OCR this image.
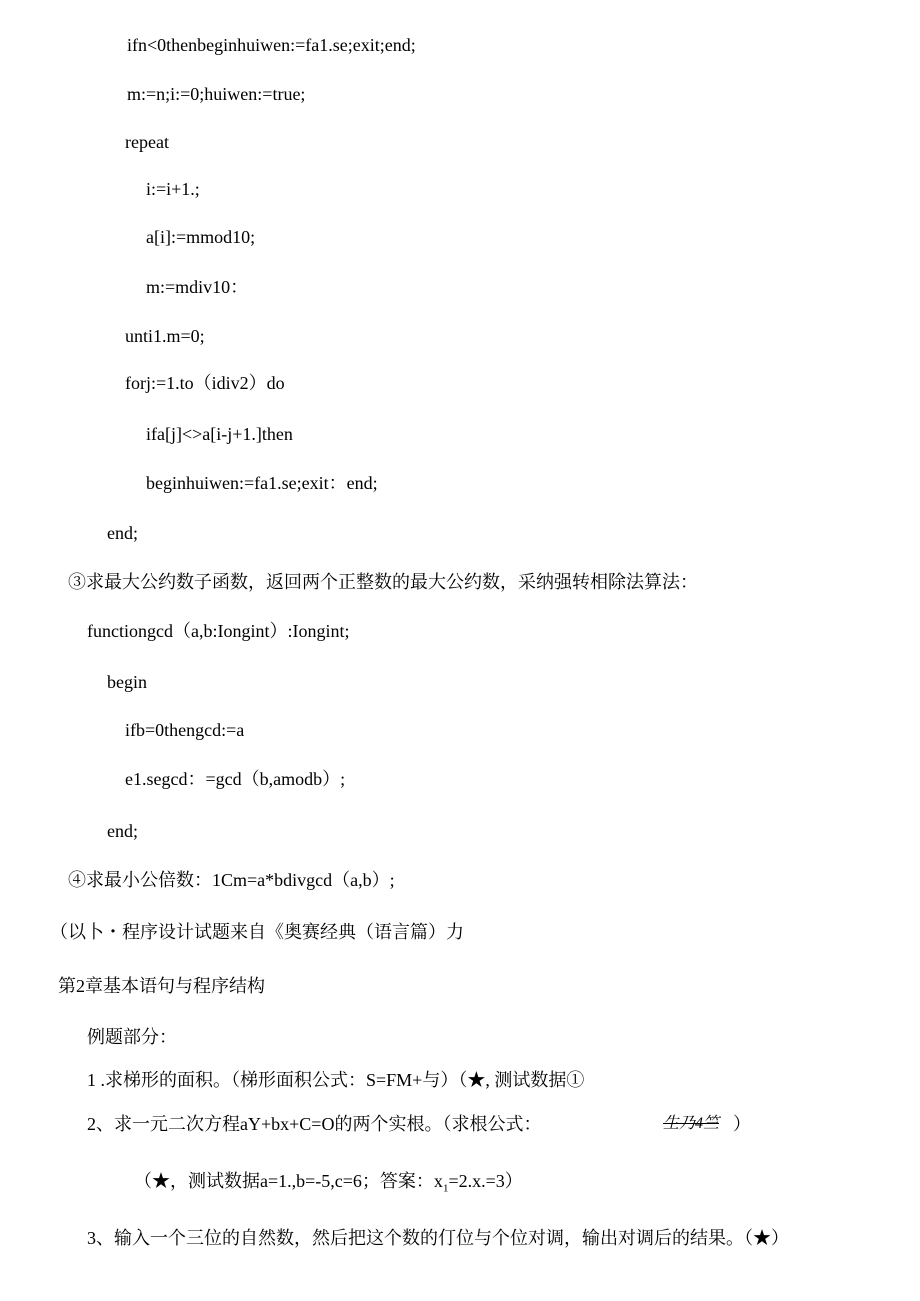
ifn<0thenbeginhuiwen:=fa1.se;exit;end;

m:=n;i:=0;huiwen:=true;

repeat

i:=i+1.;

a[i]:=mmod10;

m:=mdiv10：

unti1.m=0;

forj:=1.to（idiv2）do

ifa[j]<>a[i-j+1.]then

beginhuiwen:=fa1.se;exit：end;

end;

③求最大公约数子函数，返回两个正整数的最大公约数，采纳强转相除法算法：

functiongcd（a,b:Iongint）:Iongint;

begin

ifb=0thengcd:=a

e1.segcd：=gcd（b,amodb）;

end;

④求最小公倍数：1Cm=a*bdivgcd（a,b）;

（以卜・程序设计试题来自《奥赛经典（语言篇）力

第2章基本语句与程序结构

例题部分：

1 .求梯形的面积。（梯形面积公式：S=FM+与）（★, 测试数据①

2、求一元二次方程aY+bx+C=O的两个实根。（求根公式：	生乃4竺 ）

（★，测试数据a=1.,b=-5,c=6；答案：$x_1=2.x.=3$）

3、输入一个三位的自然数，然后把这个数的仃位与个位对调，输出对调后的结果。（★）
